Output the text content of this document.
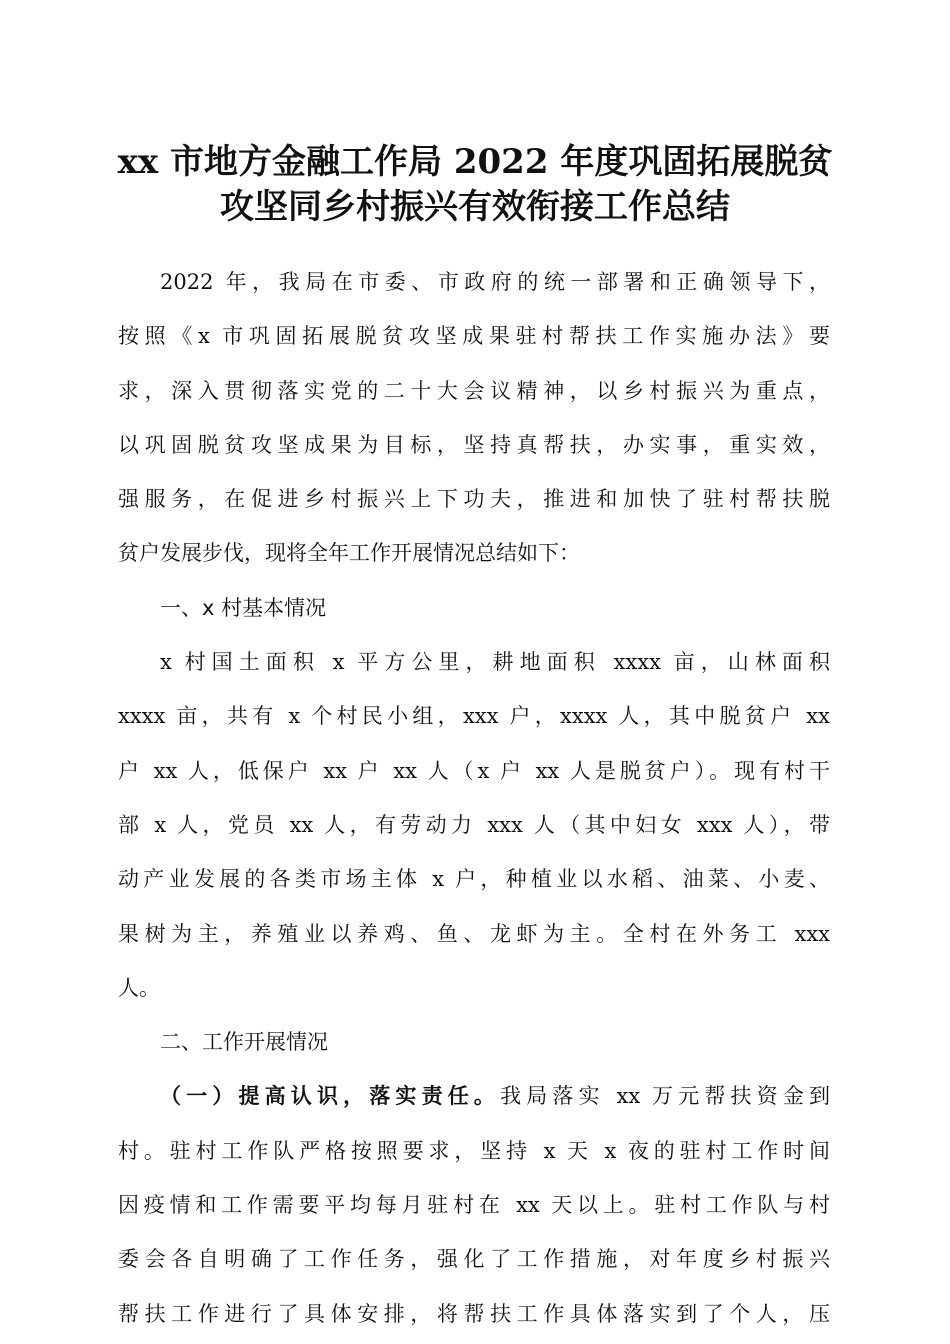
xx 市地方金融工作局 2022 年度巩固拓展脱贫
攻坚同乡村振兴有效衔接工作总结
2022 年，我局在市委、市政府的统一部署和正确领导下，
按照《x 市巩固拓展脱贫攻坚成果驻村帮扶工作实施办法》要
求，深入贯彻落实党的二十大会议精神，以乡村振兴为重点，
以巩固脱贫攻坚成果为目标，坚持真帮扶，办实事，重实效，
强服务，在促进乡村振兴上下功夫，推进和加快了驻村帮扶脱
贫户发展步伐，现将全年工作开展情况总结如下：
一、x 村基本情况
x 村国土面积 x 平方公里，耕地面积 xxxx 亩，山林面积
xxxx 亩，共有 x 个村民小组，xxx 户，xxxx 人，其中脱贫户 xx
户 xx 人，低保户 xx 户 xx 人（x 户 xx 人是脱贫户）。现有村干
部 x 人，党员 xx 人，有劳动力 xxx 人（其中妇女 xxx 人），带
动产业发展的各类市场主体 x 户，种植业以水稻、油菜、小麦、
果树为主，养殖业以养鸡、鱼、龙虾为主。全村在外务工 xxx
人。
二、工作开展情况
（一）提高认识，落实责任。我局落实 xx 万元帮扶资金到
村。驻村工作队严格按照要求，坚持 x 天 x 夜的驻村工作时间
因疫情和工作需要平均每月驻村在 xx 天以上。驻村工作队与村
委会各自明确了工作任务，强化了工作措施，对年度乡村振兴
帮扶工作进行了具体安排，将帮扶工作具体落实到了个人，压
